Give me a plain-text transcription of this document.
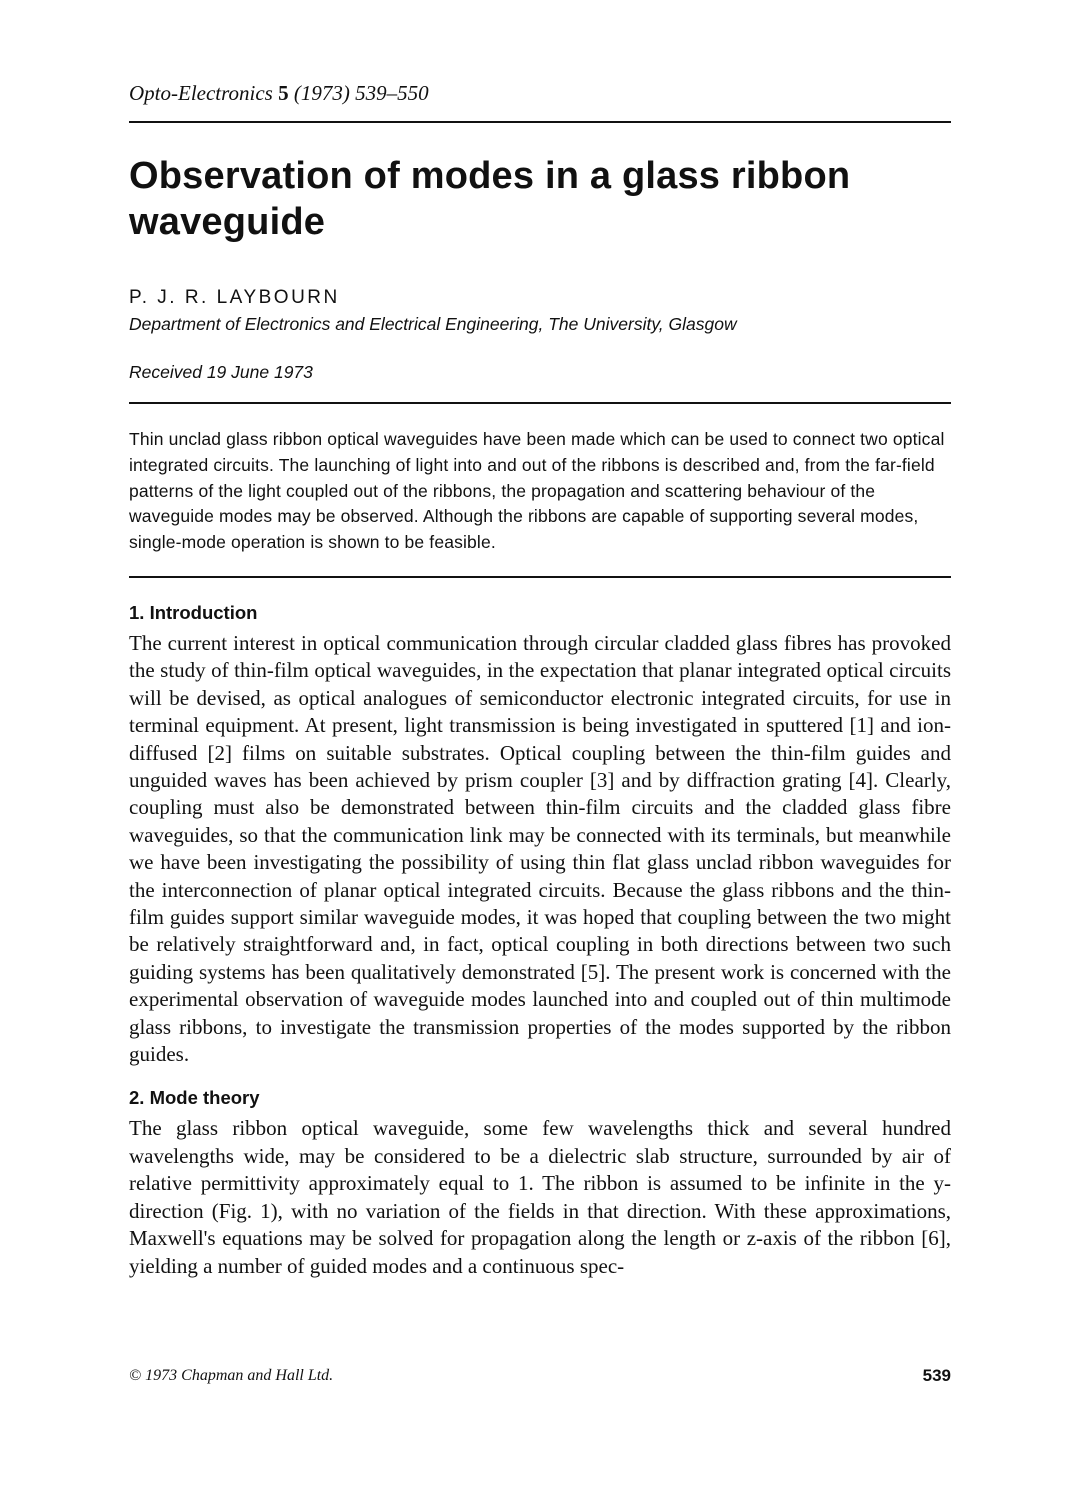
Opto-Electronics 5 (1973) 539–550

Observation of modes in a glass ribbon waveguide

P. J. R. LAYBOURN

Department of Electronics and Electrical Engineering, The University, Glasgow

Received 19 June 1973

Thin unclad glass ribbon optical waveguides have been made which can be used to connect two optical integrated circuits. The launching of light into and out of the ribbons is described and, from the far-field patterns of the light coupled out of the ribbons, the propagation and scattering behaviour of the waveguide modes may be observed. Although the ribbons are capable of supporting several modes, single-mode operation is shown to be feasible.

1. Introduction

The current interest in optical communication through circular cladded glass fibres has provoked the study of thin-film optical waveguides, in the expectation that planar integrated optical circuits will be devised, as optical analogues of semiconductor electronic integrated circuits, for use in terminal equipment. At present, light transmission is being investigated in sputtered [1] and ion-diffused [2] films on suitable substrates. Optical coupling between the thin-film guides and unguided waves has been achieved by prism coupler [3] and by diffraction grating [4]. Clearly, coupling must also be demonstrated between thin-film circuits and the cladded glass fibre waveguides, so that the communication link may be connected with its terminals, but meanwhile we have been investigating the possibility of using thin flat glass unclad ribbon waveguides for the interconnection of planar optical integrated circuits. Because the glass ribbons and the thin-film guides support similar waveguide modes, it was hoped that coupling between the two might be relatively straightforward and, in fact, optical coupling in both directions between two such guiding systems has been qualitatively demonstrated [5]. The present work is concerned with the experimental observation of waveguide modes launched into and coupled out of thin multimode glass ribbons, to investigate the transmission properties of the modes supported by the ribbon guides.

2. Mode theory

The glass ribbon optical waveguide, some few wavelengths thick and several hundred wavelengths wide, may be considered to be a dielectric slab structure, surrounded by air of relative permittivity approximately equal to 1. The ribbon is assumed to be infinite in the y-direction (Fig. 1), with no variation of the fields in that direction. With these approximations, Maxwell's equations may be solved for propagation along the length or z-axis of the ribbon [6], yielding a number of guided modes and a continuous spec-

© 1973 Chapman and Hall Ltd.	539
